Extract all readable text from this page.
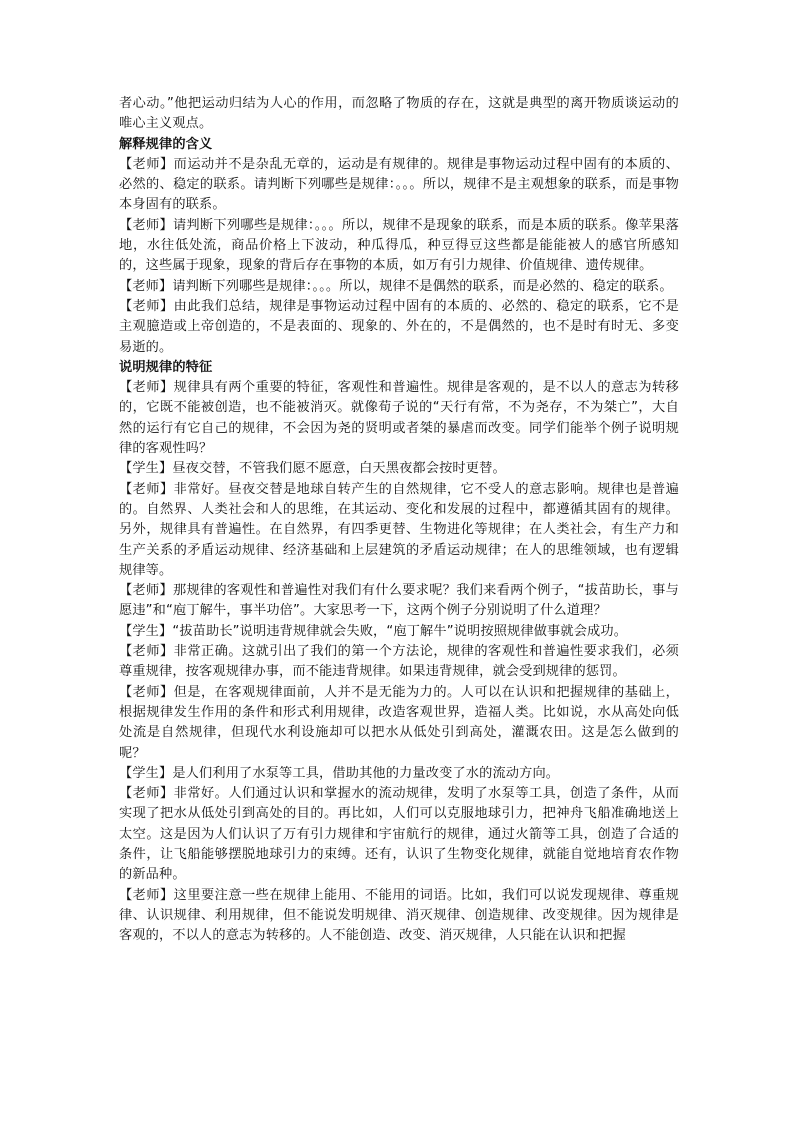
者心动。”他把运动归结为人心的作用，而忽略了物质的存在，这就是典型的离开物质谈运动的唯心主义观点。

解释规律的含义

【老师】而运动并不是杂乱无章的，运动是有规律的。规律是事物运动过程中固有的本质的、必然的、稳定的联系。请判断下列哪些是规律：。。。所以，规律不是主观想象的联系，而是事物本身固有的联系。

【老师】请判断下列哪些是规律：。。。所以，规律不是现象的联系，而是本质的联系。像苹果落地，水往低处流，商品价格上下波动，种瓜得瓜，种豆得豆这些都是能能被人的感官所感知的，这些属于现象，现象的背后存在事物的本质，如万有引力规律、价值规律、遗传规律。

【老师】请判断下列哪些是规律：。。。所以，规律不是偶然的联系，而是必然的、稳定的联系。

【老师】由此我们总结，规律是事物运动过程中固有的本质的、必然的、稳定的联系，它不是主观臆造或上帝创造的，不是表面的、现象的、外在的，不是偶然的，也不是时有时无、多变易逝的。

说明规律的特征

【老师】规律具有两个重要的特征，客观性和普遍性。规律是客观的，是不以人的意志为转移的，它既不能被创造，也不能被消灭。就像荀子说的“天行有常，不为尧存，不为桀亡”，大自然的运行有它自己的规律，不会因为尧的贤明或者桀的暴虐而改变。同学们能举个例子说明规律的客观性吗？

【学生】昼夜交替，不管我们愿不愿意，白天黑夜都会按时更替。

【老师】非常好。昼夜交替是地球自转产生的自然规律，它不受人的意志影响。规律也是普遍的。自然界、人类社会和人的思维，在其运动、变化和发展的过程中，都遵循其固有的规律。另外，规律具有普遍性。在自然界，有四季更替、生物进化等规律；在人类社会，有生产力和生产关系的矛盾运动规律、经济基础和上层建筑的矛盾运动规律；在人的思维领域，也有逻辑规律等。

【老师】那规律的客观性和普遍性对我们有什么要求呢？我们来看两个例子，“拔苗助长，事与愿违”和“庖丁解牛，事半功倍”。大家思考一下，这两个例子分别说明了什么道理？

【学生】“拔苗助长”说明违背规律就会失败，“庖丁解牛”说明按照规律做事就会成功。

【老师】非常正确。这就引出了我们的第一个方法论，规律的客观性和普遍性要求我们，必须尊重规律，按客观规律办事，而不能违背规律。如果违背规律，就会受到规律的惩罚。

【老师】但是，在客观规律面前，人并不是无能为力的。人可以在认识和把握规律的基础上，根据规律发生作用的条件和形式利用规律，改造客观世界，造福人类。比如说，水从高处向低处流是自然规律，但现代水利设施却可以把水从低处引到高处，灌溉农田。这是怎么做到的呢？

【学生】是人们利用了水泵等工具，借助其他的力量改变了水的流动方向。

【老师】非常好。人们通过认识和掌握水的流动规律，发明了水泵等工具，创造了条件，从而实现了把水从低处引到高处的目的。再比如，人们可以克服地球引力，把神舟飞船准确地送上太空。这是因为人们认识了万有引力规律和宇宙航行的规律，通过火箭等工具，创造了合适的条件，让飞船能够摆脱地球引力的束缚。还有，认识了生物变化规律，就能自觉地培育农作物的新品种。

【老师】这里要注意一些在规律上能用、不能用的词语。比如，我们可以说发现规律、尊重规律、认识规律、利用规律，但不能说发明规律、消灭规律、创造规律、改变规律。因为规律是客观的，不以人的意志为转移的。人不能创造、改变、消灭规律，人只能在认识和把握
